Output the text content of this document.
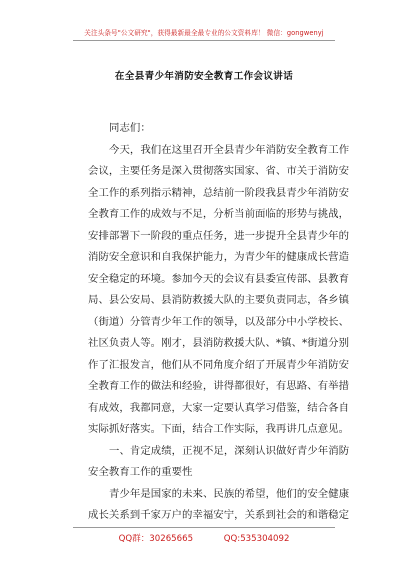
关注头条号"公文研究"，获得最新最全最专业的公文资料库！ 微信：gongwenyj
在全县青少年消防安全教育工作会议讲话
同志们：
今天，我们在这里召开全县青少年消防安全教育工作
会议，主要任务是深入贯彻落实国家、省、市关于消防安
全工作的系列指示精神，总结前一阶段我县青少年消防安
全教育工作的成效与不足，分析当前面临的形势与挑战，
安排部署下一阶段的重点任务，进一步提升全县青少年的
消防安全意识和自我保护能力，为青少年的健康成长营造
安全稳定的环境。参加今天的会议有县委宣传部、县教育
局、县公安局、县消防救援大队的主要负责同志，各乡镇
（街道）分管青少年工作的领导，以及部分中小学校长、
社区负责人等。刚才，县消防救援大队、*镇、*街道分别
作了汇报发言，他们从不同角度介绍了开展青少年消防安
全教育工作的做法和经验，讲得都很好，有思路、有举措
有成效，我都同意，大家一定要认真学习借鉴，结合各自
实际抓好落实。下面，结合工作实际，我再讲几点意见。
一、肯定成绩，正视不足，深刻认识做好青少年消防
安全教育工作的重要性
青少年是国家的未来、民族的希望，他们的安全健康
成长关系到千家万户的幸福安宁，关系到社会的和谐稳定
QQ群：30265665	QQ:535304092
